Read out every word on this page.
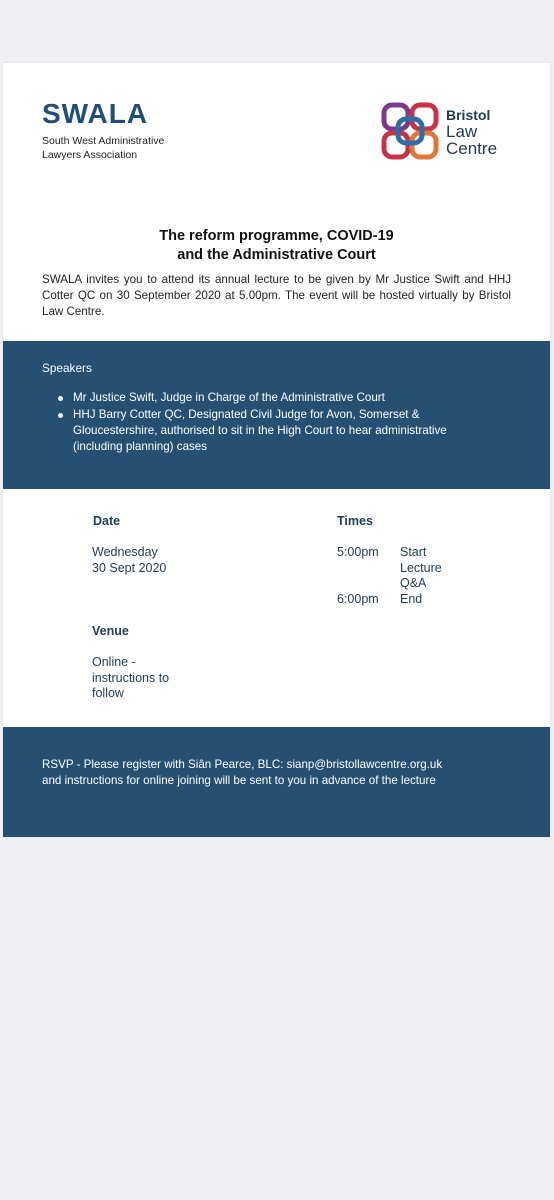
SWALA
South West Administrative
Lawyers Association
Bristol
Law
Centre
The reform programme, COVID-19
and the Administrative Court
SWALA invites you to attend its annual lecture to be given by Mr Justice Swift and HHJ Cotter QC on 30 September 2020 at 5.00pm. The event will be hosted virtually by Bristol Law Centre.
Speakers
Mr Justice Swift, Judge in Charge of the Administrative Court
HHJ Barry Cotter QC, Designated Civil Judge for Avon, Somerset & Gloucestershire, authorised to sit in the High Court to hear administrative (including planning) cases
Date
Wednesday
30 Sept 2020
Times
5:00pm

6:00pm
Start
Lecture
Q&A
End
Venue
Online -
instructions to
follow
RSVP - Please register with Siân Pearce, BLC: sianp@bristollawcentre.org.uk and instructions for online joining will be sent to you in advance of the lecture
